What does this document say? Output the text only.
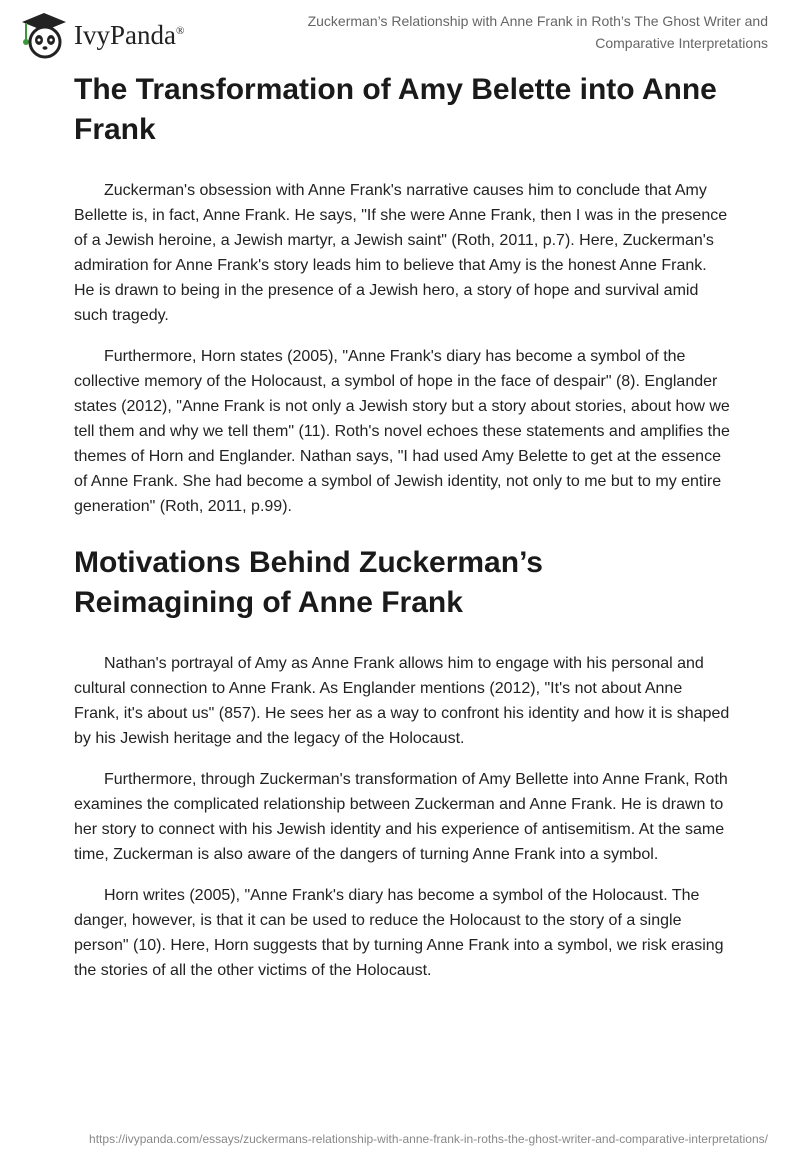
IvyPanda®
Zuckerman’s Relationship with Anne Frank in Roth’s The Ghost Writer and Comparative Interpretations
The Transformation of Amy Belette into Anne Frank

Zuckerman's obsession with Anne Frank's narrative causes him to conclude that Amy Bellette is, in fact, Anne Frank. He says, "If she were Anne Frank, then I was in the presence of a Jewish heroine, a Jewish martyr, a Jewish saint" (Roth, 2011, p.7). Here, Zuckerman's admiration for Anne Frank's story leads him to believe that Amy is the honest Anne Frank. He is drawn to being in the presence of a Jewish hero, a story of hope and survival amid such tragedy.

Furthermore, Horn states (2005), "Anne Frank's diary has become a symbol of the collective memory of the Holocaust, a symbol of hope in the face of despair" (8). Englander states (2012), "Anne Frank is not only a Jewish story but a story about stories, about how we tell them and why we tell them" (11). Roth's novel echoes these statements and amplifies the themes of Horn and Englander. Nathan says, "I had used Amy Belette to get at the essence of Anne Frank. She had become a symbol of Jewish identity, not only to me but to my entire generation" (Roth, 2011, p.99).

Motivations Behind Zuckerman’s Reimagining of Anne Frank

Nathan's portrayal of Amy as Anne Frank allows him to engage with his personal and cultural connection to Anne Frank. As Englander mentions (2012), "It's not about Anne Frank, it's about us" (857). He sees her as a way to confront his identity and how it is shaped by his Jewish heritage and the legacy of the Holocaust.

Furthermore, through Zuckerman's transformation of Amy Bellette into Anne Frank, Roth examines the complicated relationship between Zuckerman and Anne Frank. He is drawn to her story to connect with his Jewish identity and his experience of antisemitism. At the same time, Zuckerman is also aware of the dangers of turning Anne Frank into a symbol.

Horn writes (2005), "Anne Frank's diary has become a symbol of the Holocaust. The danger, however, is that it can be used to reduce the Holocaust to the story of a single person" (10). Here, Horn suggests that by turning Anne Frank into a symbol, we risk erasing the stories of all the other victims of the Holocaust.

https://ivypanda.com/essays/zuckermans-relationship-with-anne-frank-in-roths-the-ghost-writer-and-comparative-interpretations/
